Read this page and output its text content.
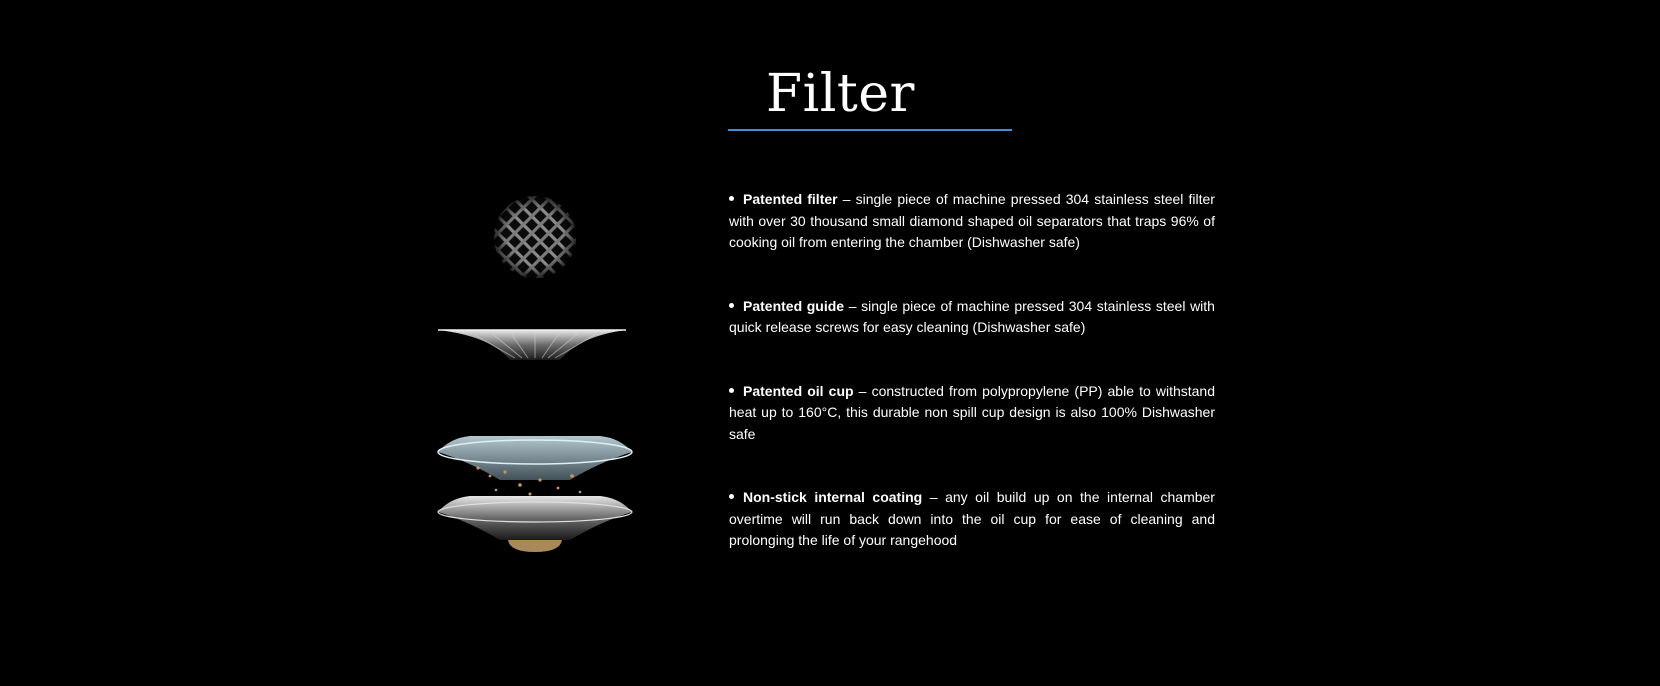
Filter
Patented filter – single piece of machine pressed 304 stainless steel filter with over 30 thousand small diamond shaped oil separators that traps 96% of cooking oil from entering the chamber (Dishwasher safe)
Patented guide – single piece of machine pressed 304 stainless steel with quick release screws for easy cleaning (Dishwasher safe)
Patented oil cup – constructed from polypropylene (PP) able to withstand heat up to 160°C, this durable non spill cup design is also 100% Dishwasher safe
Non-stick internal coating – any oil build up on the internal chamber overtime will run back down into the oil cup for ease of cleaning and prolonging the life of your rangehood
